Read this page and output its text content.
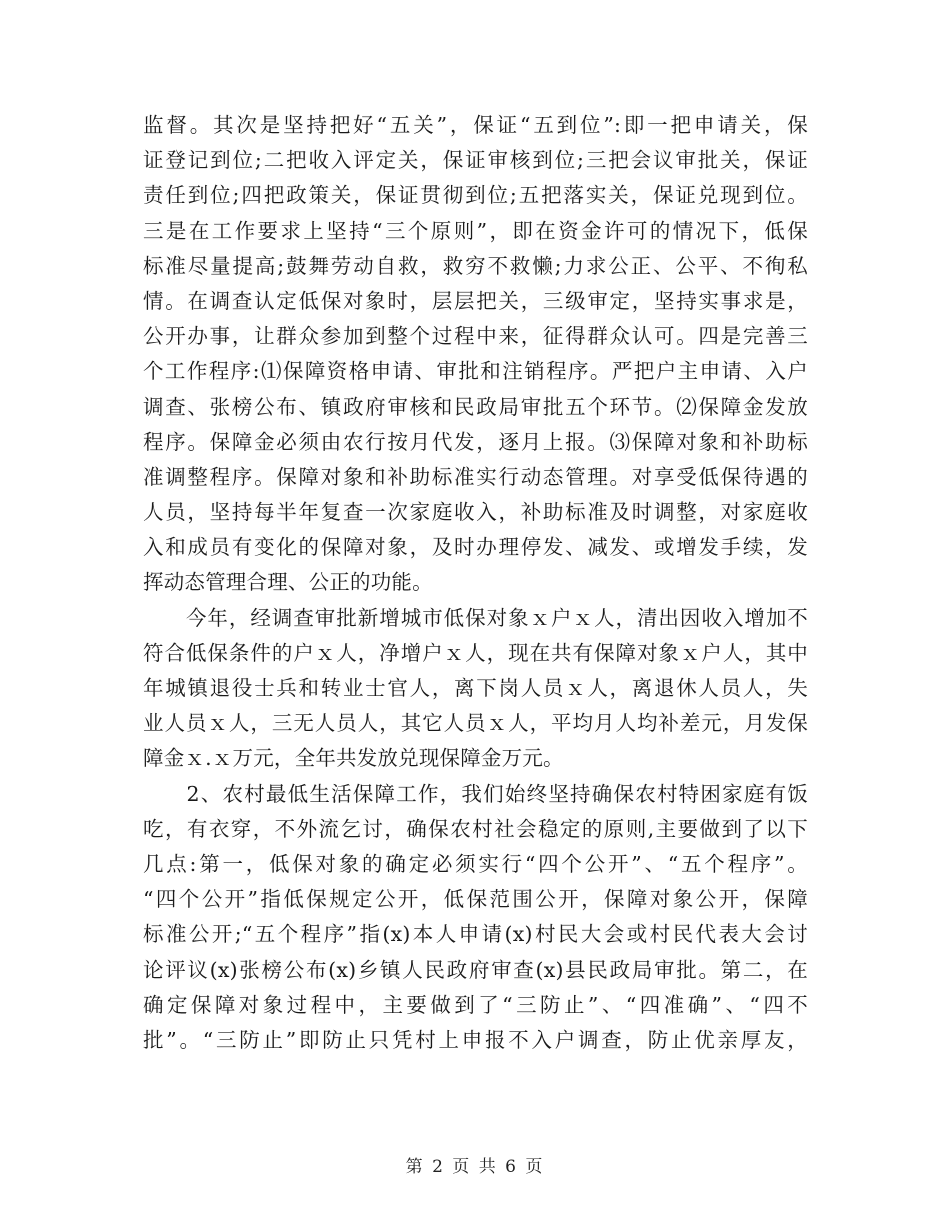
监督。其次是坚持把好“五关”，保证“五到位”:即一把申请关，保
证登记到位;二把收入评定关，保证审核到位;三把会议审批关，保证
责任到位;四把政策关，保证贯彻到位;五把落实关，保证兑现到位。
三是在工作要求上坚持“三个原则”，即在资金许可的情况下，低保
标准尽量提高;鼓舞劳动自救，救穷不救懒;力求公正、公平、不徇私
情。在调查认定低保对象时，层层把关，三级审定，坚持实事求是，
公开办事，让群众参加到整个过程中来，征得群众认可。四是完善三
个工作程序:⑴保障资格申请、审批和注销程序。严把户主申请、入户
调查、张榜公布、镇政府审核和民政局审批五个环节。⑵保障金发放
程序。保障金必须由农行按月代发，逐月上报。⑶保障对象和补助标
准调整程序。保障对象和补助标准实行动态管理。对享受低保待遇的
人员，坚持每半年复查一次家庭收入，补助标准及时调整，对家庭收
入和成员有变化的保障对象，及时办理停发、减发、或增发手续，发
挥动态管理合理、公正的功能。
　　今年，经调查审批新增城市低保对象ｘ户ｘ人，清出因收入增加不
符合低保条件的户ｘ人，净增户ｘ人，现在共有保障对象ｘ户人，其中
年城镇退役士兵和转业士官人，离下岗人员ｘ人，离退休人员人，失
业人员ｘ人，三无人员人，其它人员ｘ人，平均月人均补差元，月发保
障金ｘ.ｘ万元，全年共发放兑现保障金万元。
　　2、农村最低生活保障工作，我们始终坚持确保农村特困家庭有饭
吃，有衣穿，不外流乞讨，确保农村社会稳定的原则,主要做到了以下
几点:第一，低保对象的确定必须实行“四个公开”、“五个程序”。
“四个公开”指低保规定公开，低保范围公开，保障对象公开，保障
标准公开;“五个程序”指(x)本人申请(x)村民大会或村民代表大会讨
论评议(x)张榜公布(x)乡镇人民政府审查(x)县民政局审批。第二，在
确定保障对象过程中，主要做到了“三防止”、“四准确”、“四不
批”。“三防止”即防止只凭村上申报不入户调查，防止优亲厚友，
第 2 页 共 6 页
